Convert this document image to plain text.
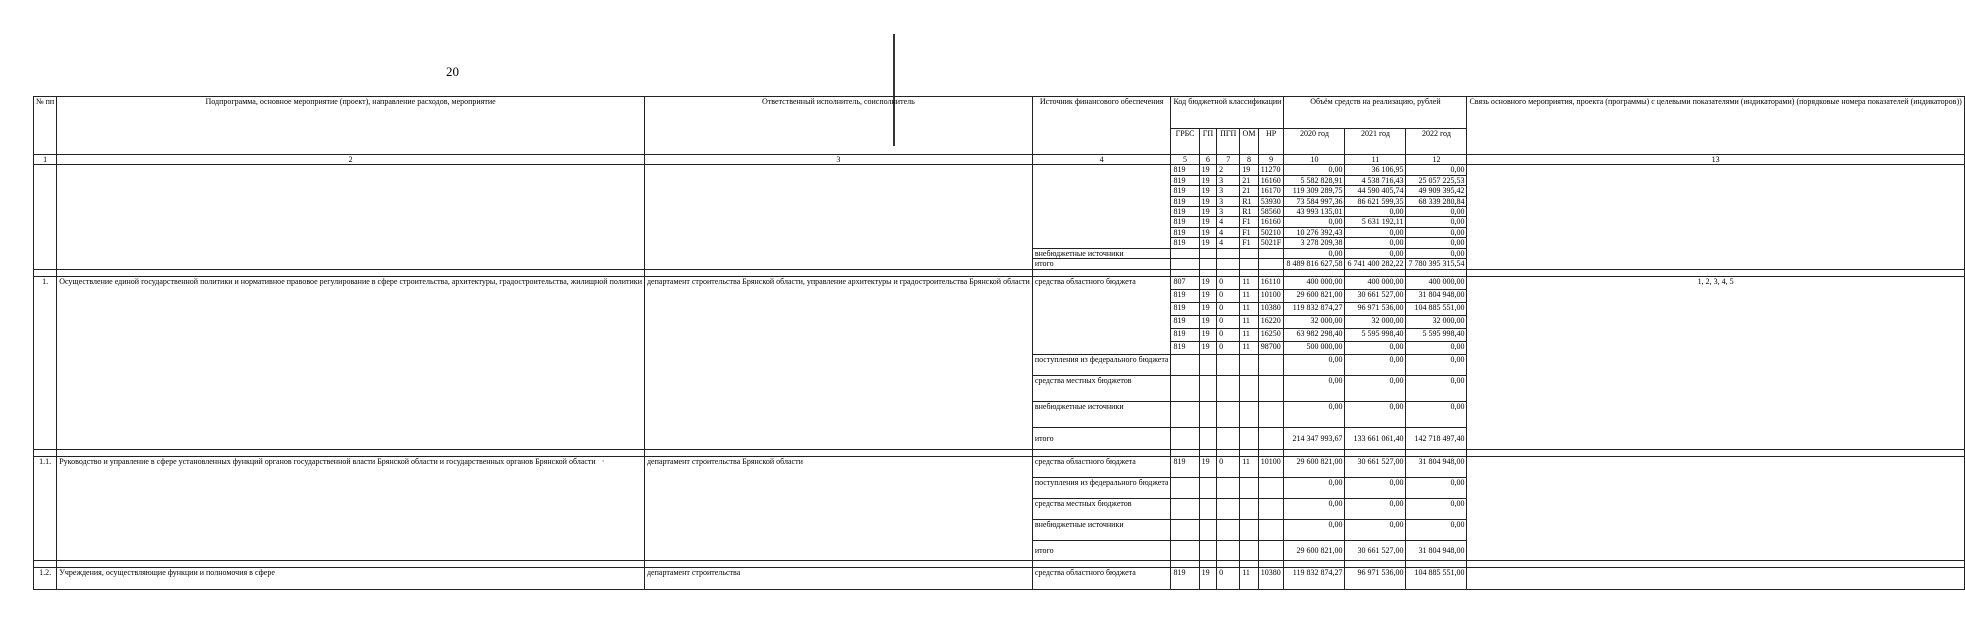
20
№ пп	Подпрограмма, основное мероприятие (проект), направление расходов, мероприятие	Ответственный исполнитель, соисполнитель	Источник финансового обеспечения	Код бюджетной классификации					Объём средств на реализацию, рублей			Связь основного мероприятия, проекта (программы) с целевыми показателями (индикаторами) (порядковые номера показателей (индикаторов))
				ГРБС	ГП	ПГП	ОМ	НР	2020 год	2021 год	2022 год	
1	2	3	4	5	6	7	8	9	10	11	12	13
				819	19	2	19	11270	0,00	36 106,95	0,00	
				819	19	3	21	16160	5 582 828,91	4 538 716,43	25 057 225,53	
				819	19	3	21	16170	119 309 289,75	44 590 405,74	49 909 395,42	
				819	19	3	R1	53930	73 584 997,36	86 621 599,35	68 339 280,84	
				819	19	3	R1	58560	43 993 135,01	0,00	0,00	
				819	19	4	F1	16160	0,00	5 631 192,11	0,00	
				819	19	4	F1	50210	10 276 392,43	0,00	0,00	
				819	19	4	F1	5021F	3 278 209,38	0,00	0,00	
			внебюджетные источники						0,00	0,00	0,00	
			итого						8 489 816 627,58	6 741 400 282,22	7 780 395 315,54	

1.	Осуществление единой государственной политики и нормативное правовое регулирование в сфере строительства, архитектуры, градостроительства, жилищной политики	департамент строительства Брянской области, управление архитектуры и градостроительства Брянской области	средства областного бюджета	807	19	0	11	16110	400 000,00	400 000,00	400 000,00	1, 2, 3, 4, 5
				819	19	0	11	10100	29 600 821,00	30 661 527,00	31 804 948,00	
				819	19	0	11	10380	119 832 874,27	96 971 536,00	104 885 551,00	
				819	19	0	11	16220	32 000,00	32 000,00	32 000,00	
				819	19	0	11	16250	63 982 298,40	5 595 998,40	5 595 998,40	
				819	19	0	11	98700	500 000,00	0,00	0,00	
			поступления из федерального бюджета						0,00	0,00	0,00	
			средства местных бюджетов						0,00	0,00	0,00	
			внебюджетные источники						0,00	0,00	0,00	
			итого						214 347 993,67	133 661 061,40	142 718 497,40	

1.1.	Руководство и управление в сфере установленных функций органов государственной власти Брянской области и государственных органов Брянской области ·	департамент строительства Брянской области	средства областного бюджета	819	19	0	11	10100	29 600 821,00	30 661 527,00	31 804 948,00	
			поступления из федерального бюджета						0,00	0,00	0,00	
			средства местных бюджетов						0,00	0,00	0,00	
			внебюджетные источники						0,00	0,00	0,00	
			итого						29 600 821,00	30 661 527,00	31 804 948,00	

1.2.	Учреждения, осуществляющие функции и полномочия в сфере	департамент строительства	средства областного бюджета	819	19	0	11	10380	119 832 874,27	96 971 536,00	104 885 551,00	
